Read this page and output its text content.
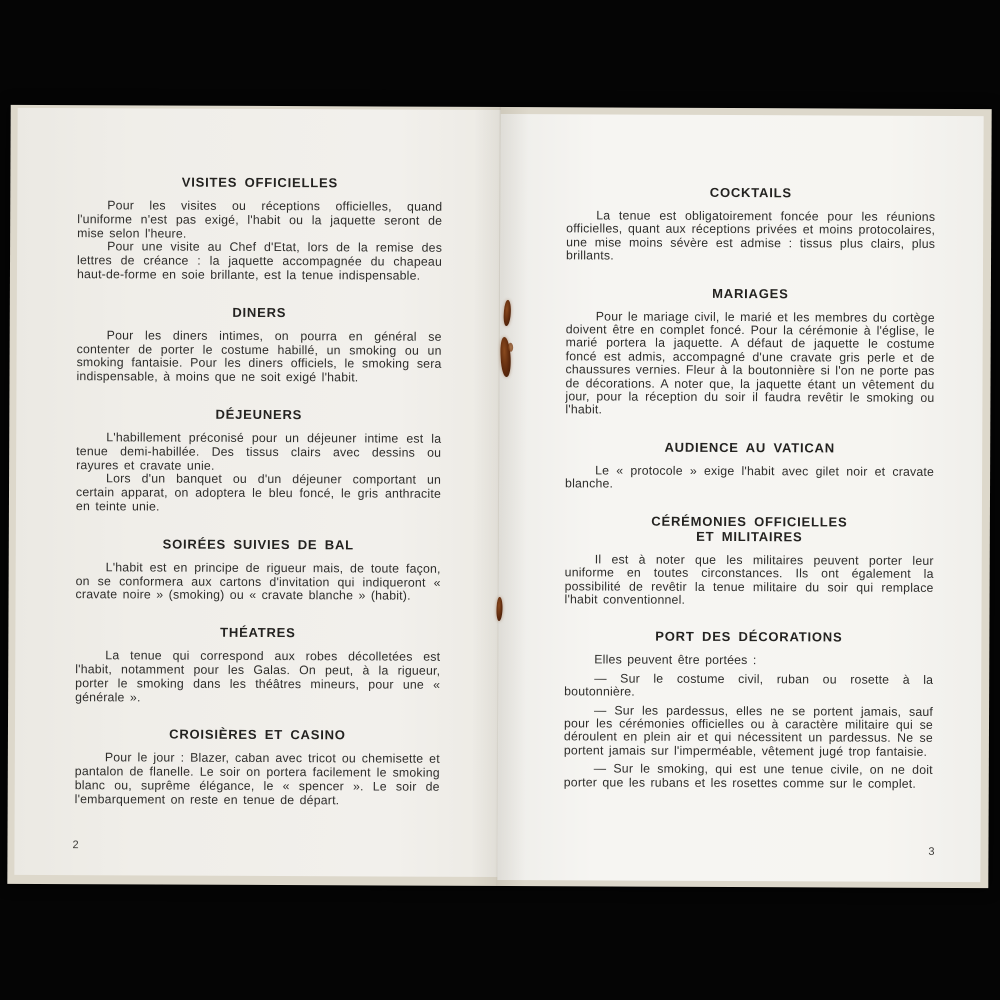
VISITES OFFICIELLES

Pour les visites ou réceptions officielles, quand l'uniforme n'est pas exigé, l'habit ou la jaquette seront de mise selon l'heure.

Pour une visite au Chef d'Etat, lors de la remise des lettres de créance : la jaquette accompagnée du chapeau haut-de-forme en soie brillante, est la tenue indispensable.

DINERS

Pour les diners intimes, on pourra en général se contenter de porter le costume habillé, un smoking ou un smoking fantaisie. Pour les diners officiels, le smoking sera indispensable, à moins que ne soit exigé l'habit.

DÉJEUNERS

L'habillement préconisé pour un déjeuner intime est la tenue demi-habillée. Des tissus clairs avec dessins ou rayures et cravate unie.

Lors d'un banquet ou d'un déjeuner comportant un certain apparat, on adoptera le bleu foncé, le gris anthracite en teinte unie.

SOIRÉES SUIVIES DE BAL

L'habit est en principe de rigueur mais, de toute façon, on se conformera aux cartons d'invitation qui indiqueront « cravate noire » (smoking) ou « cravate blanche » (habit).

THÉATRES

La tenue qui correspond aux robes décolletées est l'habit, notamment pour les Galas. On peut, à la rigueur, porter le smoking dans les théâtres mineurs, pour une « générale ».

CROISIÈRES ET CASINO

Pour le jour : Blazer, caban avec tricot ou chemisette et pantalon de flanelle. Le soir on portera facilement le smoking blanc ou, suprême élégance, le « spencer ». Le soir de l'embarquement on reste en tenue de départ.

2
COCKTAILS

La tenue est obligatoirement foncée pour les réunions officielles, quant aux réceptions privées et moins protocolaires, une mise moins sévère est admise : tissus plus clairs, plus brillants.

MARIAGES

Pour le mariage civil, le marié et les membres du cortège doivent être en complet foncé. Pour la cérémonie à l'église, le marié portera la jaquette. A défaut de jaquette le costume foncé est admis, accompagné d'une cravate gris perle et de chaussures vernies. Fleur à la boutonnière si l'on ne porte pas de décorations. A noter que, la jaquette étant un vêtement du jour, pour la réception du soir il faudra revêtir le smoking ou l'habit.

AUDIENCE AU VATICAN

Le « protocole » exige l'habit avec gilet noir et cravate blanche.

CÉRÉMONIES OFFICIELLES
ET MILITAIRES

Il est à noter que les militaires peuvent porter leur uniforme en toutes circonstances. Ils ont également la possibilité de revêtir la tenue militaire du soir qui remplace l'habit conventionnel.

PORT DES DÉCORATIONS

Elles peuvent être portées :

— Sur le costume civil, ruban ou rosette à la boutonnière.

— Sur les pardessus, elles ne se portent jamais, sauf pour les cérémonies officielles ou à caractère militaire qui se déroulent en plein air et qui nécessitent un pardessus. Ne se portent jamais sur l'imperméable, vêtement jugé trop fantaisie.

— Sur le smoking, qui est une tenue civile, on ne doit porter que les rubans et les rosettes comme sur le complet.

3
